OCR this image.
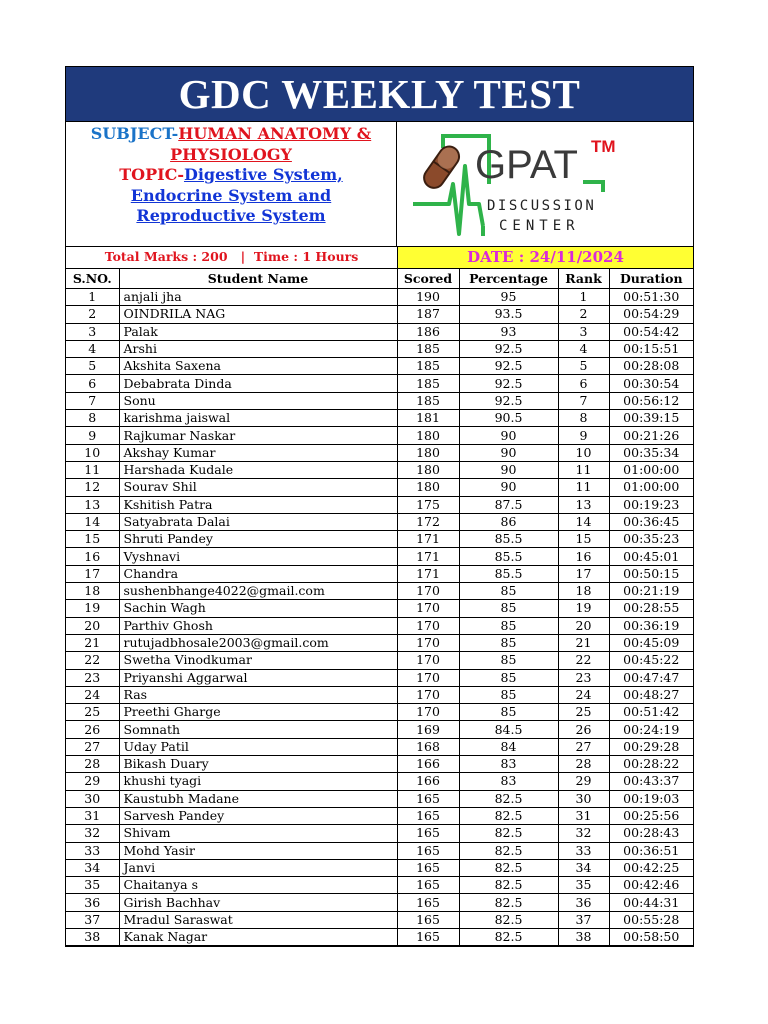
GDC WEEKLY TEST
SUBJECT-HUMAN ANATOMY &
PHYSIOLOGY
TOPIC-Digestive System,
Endocrine System and
Reproductive System
GPAT TM
DISCUSSION
CENTER
Total Marks : 200   |  Time : 1 Hours	DATE : 24/11/2024
S.NO.	Student Name	Scored	Percentage	Rank	Duration
1	anjali jha	190	95	1	00:51:30
2	OINDRILA NAG	187	93.5	2	00:54:29
3	Palak	186	93	3	00:54:42
4	Arshi	185	92.5	4	00:15:51
5	Akshita Saxena	185	92.5	5	00:28:08
6	Debabrata Dinda	185	92.5	6	00:30:54
7	Sonu	185	92.5	7	00:56:12
8	karishma jaiswal	181	90.5	8	00:39:15
9	Rajkumar Naskar	180	90	9	00:21:26
10	Akshay Kumar	180	90	10	00:35:34
11	Harshada Kudale	180	90	11	01:00:00
12	Sourav Shil	180	90	11	01:00:00
13	Kshitish Patra	175	87.5	13	00:19:23
14	Satyabrata Dalai	172	86	14	00:36:45
15	Shruti Pandey	171	85.5	15	00:35:23
16	Vyshnavi	171	85.5	16	00:45:01
17	Chandra	171	85.5	17	00:50:15
18	sushenbhange4022@gmail.com	170	85	18	00:21:19
19	Sachin Wagh	170	85	19	00:28:55
20	Parthiv Ghosh	170	85	20	00:36:19
21	rutujadbhosale2003@gmail.com	170	85	21	00:45:09
22	Swetha Vinodkumar	170	85	22	00:45:22
23	Priyanshi Aggarwal	170	85	23	00:47:47
24	Ras	170	85	24	00:48:27
25	Preethi Gharge	170	85	25	00:51:42
26	Somnath	169	84.5	26	00:24:19
27	Uday Patil	168	84	27	00:29:28
28	Bikash Duary	166	83	28	00:28:22
29	khushi tyagi	166	83	29	00:43:37
30	Kaustubh Madane	165	82.5	30	00:19:03
31	Sarvesh Pandey	165	82.5	31	00:25:56
32	Shivam	165	82.5	32	00:28:43
33	Mohd Yasir	165	82.5	33	00:36:51
34	Janvi	165	82.5	34	00:42:25
35	Chaitanya s	165	82.5	35	00:42:46
36	Girish Bachhav	165	82.5	36	00:44:31
37	Mradul Saraswat	165	82.5	37	00:55:28
38	Kanak Nagar	165	82.5	38	00:58:50
